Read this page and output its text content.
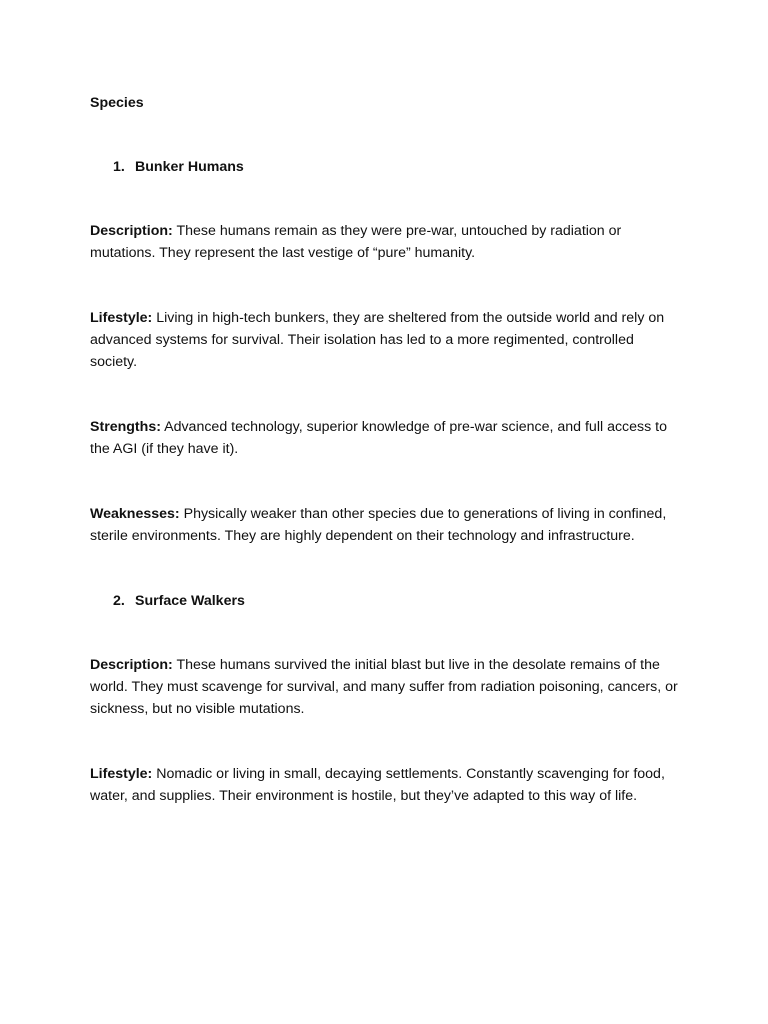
Species
1. Bunker Humans

Description: These humans remain as they were pre-war, untouched by radiation or mutations. They represent the last vestige of “pure” humanity.

Lifestyle: Living in high-tech bunkers, they are sheltered from the outside world and rely on advanced systems for survival. Their isolation has led to a more regimented, controlled society.

Strengths: Advanced technology, superior knowledge of pre-war science, and full access to the AGI (if they have it).

Weaknesses: Physically weaker than other species due to generations of living in confined, sterile environments. They are highly dependent on their technology and infrastructure.

2. Surface Walkers

Description: These humans survived the initial blast but live in the desolate remains of the world. They must scavenge for survival, and many suffer from radiation poisoning, cancers, or sickness, but no visible mutations.

Lifestyle: Nomadic or living in small, decaying settlements. Constantly scavenging for food, water, and supplies. Their environment is hostile, but they’ve adapted to this way of life.
